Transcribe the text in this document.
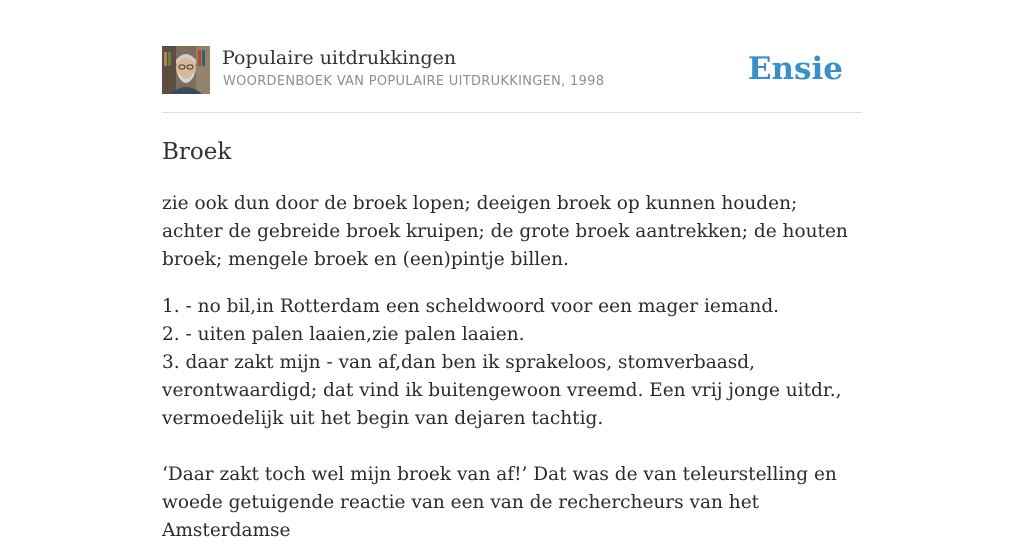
Populaire uitdrukkingen
WOORDENBOEK VAN POPULAIRE UITDRUKKINGEN, 1998	Ensie
Broek

zie ook dun door de broek lopen; deeigen broek op kunnen houden; achter de gebreide broek kruipen; de grote broek aantrekken; de houten broek; mengele broek en (een)pintje billen.

1. - no bil,in Rotterdam een scheldwoord voor een mager iemand.
2. - uiten palen laaien,zie palen laaien.
3. daar zakt mijn - van af,dan ben ik sprakeloos, stomverbaasd, verontwaardigd; dat vind ik buitengewoon vreemd. Een vrij jonge uitdr., vermoedelijk uit het begin van dejaren tachtig.
‘Daar zakt toch wel mijn broek van af!’ Dat was de van teleurstelling en woede getuigende reactie van een van de rechercheurs van het Amsterdamse
